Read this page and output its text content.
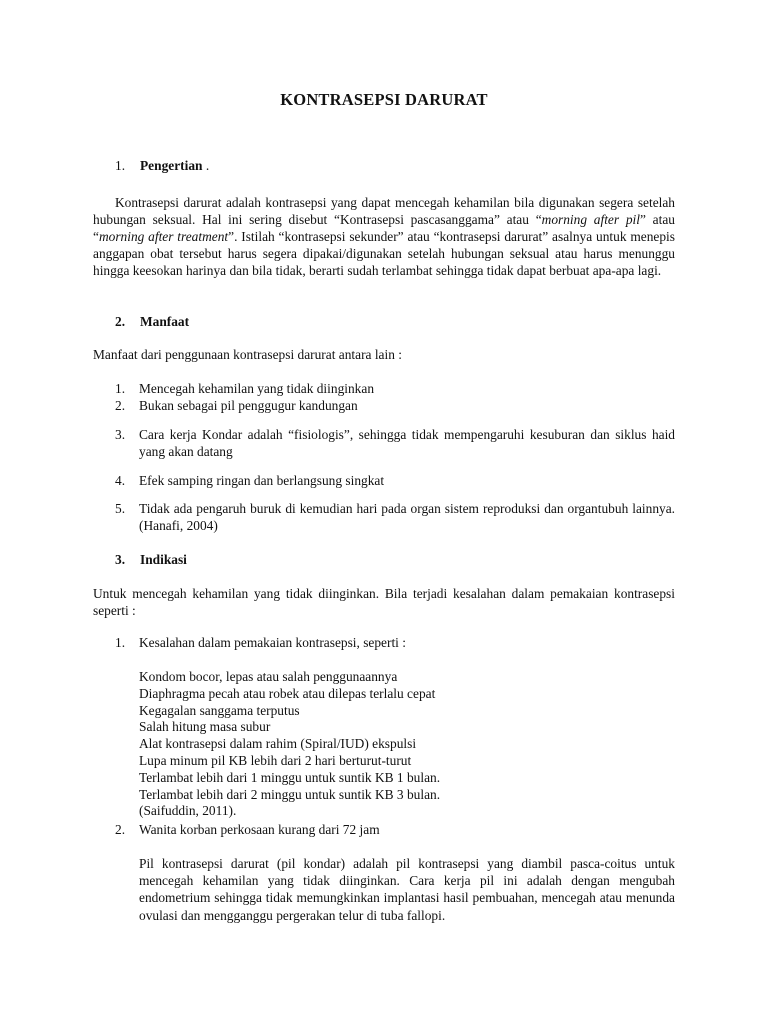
KONTRASEPSI DARURAT

1. Pengertian .

Kontrasepsi darurat adalah kontrasepsi yang dapat mencegah kehamilan bila digunakan segera setelah hubungan seksual. Hal ini sering disebut “Kontrasepsi pascasanggama” atau “morning after pil” atau “morning after treatment”. Istilah “kontrasepsi sekunder” atau “kontrasepsi darurat” asalnya untuk menepis anggapan obat tersebut harus segera dipakai/digunakan setelah hubungan seksual atau harus menunggu hingga keesokan harinya dan bila tidak, berarti sudah terlambat sehingga tidak dapat berbuat apa-apa lagi.

2. Manfaat

Manfaat dari penggunaan kontrasepsi darurat antara lain :

1. Mencegah kehamilan yang tidak diinginkan
2. Bukan sebagai pil penggugur kandungan
3. Cara kerja Kondar adalah “fisiologis”, sehingga tidak mempengaruhi kesuburan dan siklus haid yang akan datang
4. Efek samping ringan dan berlangsung singkat
5. Tidak ada pengaruh buruk di kemudian hari pada organ sistem reproduksi dan organtubuh lainnya. (Hanafi, 2004)

3. Indikasi

Untuk mencegah kehamilan yang tidak diinginkan. Bila terjadi kesalahan dalam pemakaian kontrasepsi seperti :

1. Kesalahan dalam pemakaian kontrasepsi, seperti :
Kondom bocor, lepas atau salah penggunaannya
Diaphragma pecah atau robek atau dilepas terlalu cepat
Kegagalan sanggama terputus
Salah hitung masa subur
Alat kontrasepsi dalam rahim (Spiral/IUD) ekspulsi
Lupa minum pil KB lebih dari 2 hari berturut-turut
Terlambat lebih dari 1 minggu untuk suntik KB 1 bulan.
Terlambat lebih dari 2 minggu untuk suntik KB 3 bulan.
(Saifuddin, 2011).
2. Wanita korban perkosaan kurang dari 72 jam

Pil kontrasepsi darurat (pil kondar) adalah pil kontrasepsi yang diambil pasca-coitus untuk mencegah kehamilan yang tidak diinginkan. Cara kerja pil ini adalah dengan mengubah endometrium sehingga tidak memungkinkan implantasi hasil pembuahan, mencegah atau menunda ovulasi dan mengganggu pergerakan telur di tuba fallopi.
